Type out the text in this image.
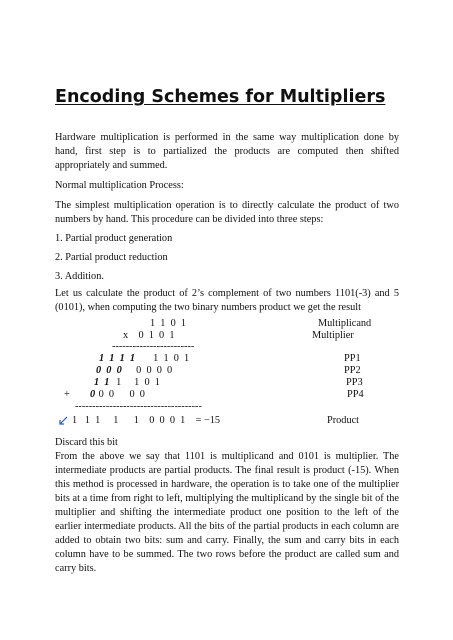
Encoding Schemes for Multipliers
Hardware multiplication is performed in the same way multiplication done by hand, first step is to partialized the products are computed then shifted appropriately and summed.
Normal multiplication Process:
The simplest multiplication operation is to directly calculate the product of two numbers by hand. This procedure can be divided into three steps:
1. Partial product generation
2. Partial product reduction
3. Addition.
Let us calculate the product of 2’s complement of two numbers 1101(-3) and 5 (0101), when computing the two binary numbers product we get the result
1  1  0  1	Multiplicand
x    0  1  0  1	Multiplier
------------------------
1  1  1  1 1  1  0  1	PP1
0  0  0 0  0  0  0	PP2
1  1 1     1  0  1	PP3
+ 0 0  0      0  0	PP4
-------------------------------------
1   1  1     1      1    0  0  0  1    = −15	Product
Discard this bit
From the above we say that 1101 is multiplicand and 0101 is multiplier. The intermediate products are partial products. The final result is product (-15). When this method is processed in hardware, the operation is to take one of the multiplier bits at a time from right to left, multiplying the multiplicand by the single bit of the multiplier and shifting the intermediate product one position to the left of the earlier intermediate products. All the bits of the partial products in each column are added to obtain two bits: sum and carry. Finally, the sum and carry bits in each column have to be summed. The two rows before the product are called sum and carry bits.
